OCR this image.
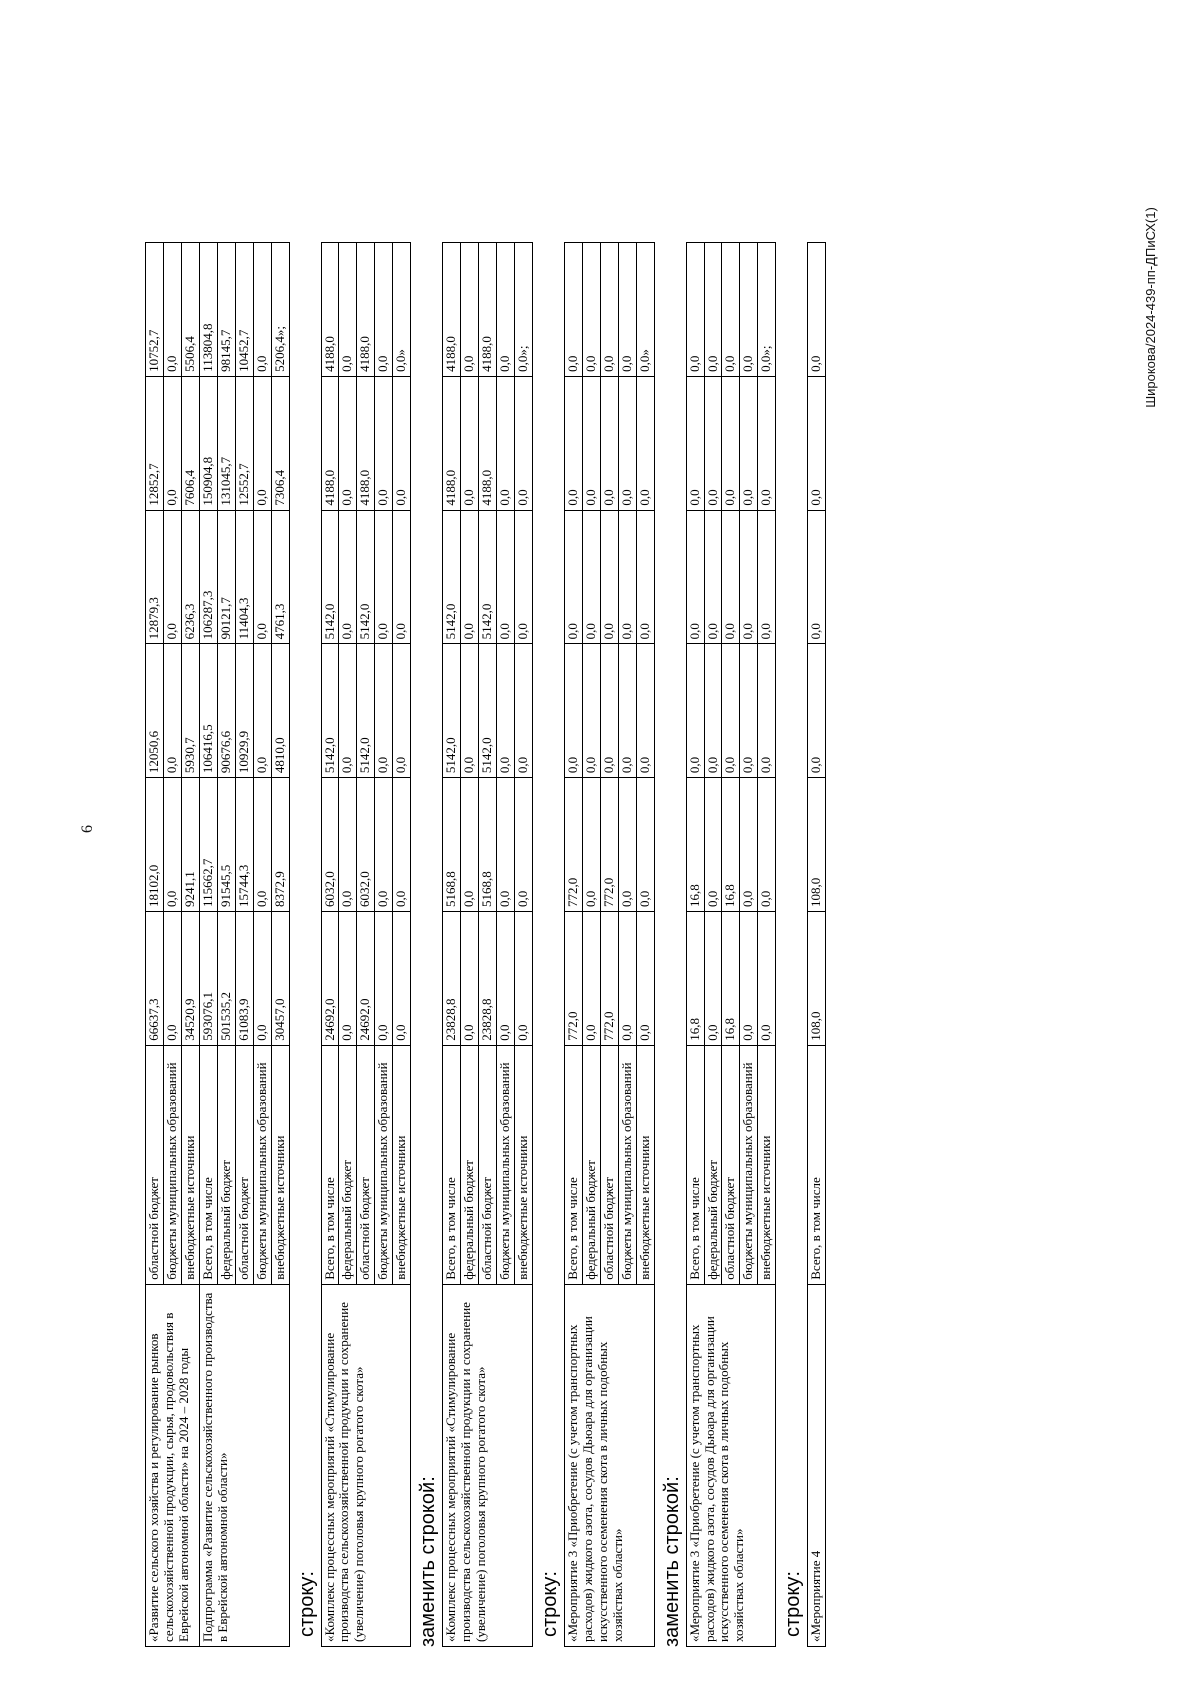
6
Широкова/2024-439-пп-ДПиСХ(1)
«Развитие сельского хозяйства и регулирование рынков сельскохозяйственной продукции, сырья, продовольствия в Еврейской автономной области» на 2024 – 2028 годы	областной бюджет	66637,3	18102,0	12050,6	12879,3	12852,7	10752,7
	бюджеты муниципальных образований	0,0	0,0	0,0	0,0	0,0	0,0
	внебюджетные источники	34520,9	9241,1	5930,7	6236,3	7606,4	5506,4
Подпрограмма «Развитие сельскохозяйственного производства в Еврейской автономной области»	Всего, в том числе	593076,1	115662,7	106416,5	106287,3	150904,8	113804,8
	федеральный бюджет	501535,2	91545,5	90676,6	90121,7	131045,7	98145,7
	областной бюджет	61083,9	15744,3	10929,9	11404,3	12552,7	10452,7
	бюджеты муниципальных образований	0,0	0,0	0,0	0,0	0,0	0,0
	внебюджетные источники	30457,0	8372,9	4810,0	4761,3	7306,4	5206,4»;
строку: «Комплекс процессных мероприятий «Стимулирование производства сельскохозяйственной продукции и сохранение (увеличение) поголовья крупного рогатого скота»	Всего, в том числе	24692,0	6032,0	5142,0	5142,0	4188,0	4188,0
	федеральный бюджет	0,0	0,0	0,0	0,0	0,0	0,0
	областной бюджет	24692,0	6032,0	5142,0	5142,0	4188,0	4188,0
	бюджеты муниципальных образований	0,0	0,0	0,0	0,0	0,0	0,0
	внебюджетные источники	0,0	0,0	0,0	0,0	0,0	0,0»
заменить строкой: «Комплекс процессных мероприятий «Стимулирование производства сельскохозяйственной продукции и сохранение (увеличение) поголовья крупного рогатого скота»	Всего, в том числе	23828,8	5168,8	5142,0	5142,0	4188,0	4188,0
	федеральный бюджет	0,0	0,0	0,0	0,0	0,0	0,0
	областной бюджет	23828,8	5168,8	5142,0	5142,0	4188,0	4188,0
	бюджеты муниципальных образований	0,0	0,0	0,0	0,0	0,0	0,0
	внебюджетные источники	0,0	0,0	0,0	0,0	0,0	0,0»;
строку: «Мероприятие 3 «Приобретение (с учетом транспортных расходов) жидкого азота, сосудов Дьюара для организации искусственного осеменения скота в личных подобных хозяйствах области»	Всего, в том числе	772,0	772,0	0,0	0,0	0,0	0,0
	федеральный бюджет	0,0	0,0	0,0	0,0	0,0	0,0
	областной бюджет	772,0	772,0	0,0	0,0	0,0	0,0
	бюджеты муниципальных образований	0,0	0,0	0,0	0,0	0,0	0,0
	внебюджетные источники	0,0	0,0	0,0	0,0	0,0	0,0»
заменить строкой: «Мероприятие 3 «Приобретение (с учетом транспортных расходов) жидкого азота, сосудов Дьюара для организации искусственного осеменения скота в личных подобных хозяйствах области»	Всего, в том числе	16,8	16,8	0,0	0,0	0,0	0,0
	федеральный бюджет	0,0	0,0	0,0	0,0	0,0	0,0
	областной бюджет	16,8	16,8	0,0	0,0	0,0	0,0
	бюджеты муниципальных образований	0,0	0,0	0,0	0,0	0,0	0,0
	внебюджетные источники	0,0	0,0	0,0	0,0	0,0	0,0»;
строку: «Мероприятие 4	Всего, в том числе	108,0	108,0	0,0	0,0	0,0	0,0
